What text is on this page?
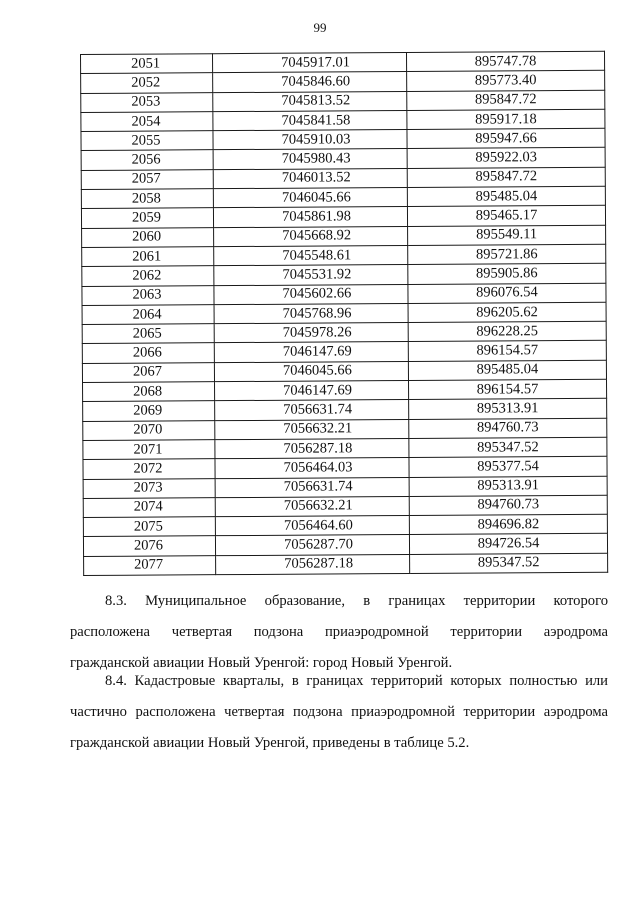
99
2051	7045917.01	895747.78
2052	7045846.60	895773.40
2053	7045813.52	895847.72
2054	7045841.58	895917.18
2055	7045910.03	895947.66
2056	7045980.43	895922.03
2057	7046013.52	895847.72
2058	7046045.66	895485.04
2059	7045861.98	895465.17
2060	7045668.92	895549.11
2061	7045548.61	895721.86
2062	7045531.92	895905.86
2063	7045602.66	896076.54
2064	7045768.96	896205.62
2065	7045978.26	896228.25
2066	7046147.69	896154.57
2067	7046045.66	895485.04
2068	7046147.69	896154.57
2069	7056631.74	895313.91
2070	7056632.21	894760.73
2071	7056287.18	895347.52
2072	7056464.03	895377.54
2073	7056631.74	895313.91
2074	7056632.21	894760.73
2075	7056464.60	894696.82
2076	7056287.70	894726.54
2077	7056287.18	895347.52
8.3. Муниципальное образование, в границах территории которого
расположена четвертая подзона приаэродромной территории аэродрома
гражданской авиации Новый Уренгой: город Новый Уренгой.
8.4. Кадастровые кварталы, в границах территорий которых полностью или
частично расположена четвертая подзона приаэродромной территории аэродрома
гражданской авиации Новый Уренгой, приведены в таблице 5.2.
